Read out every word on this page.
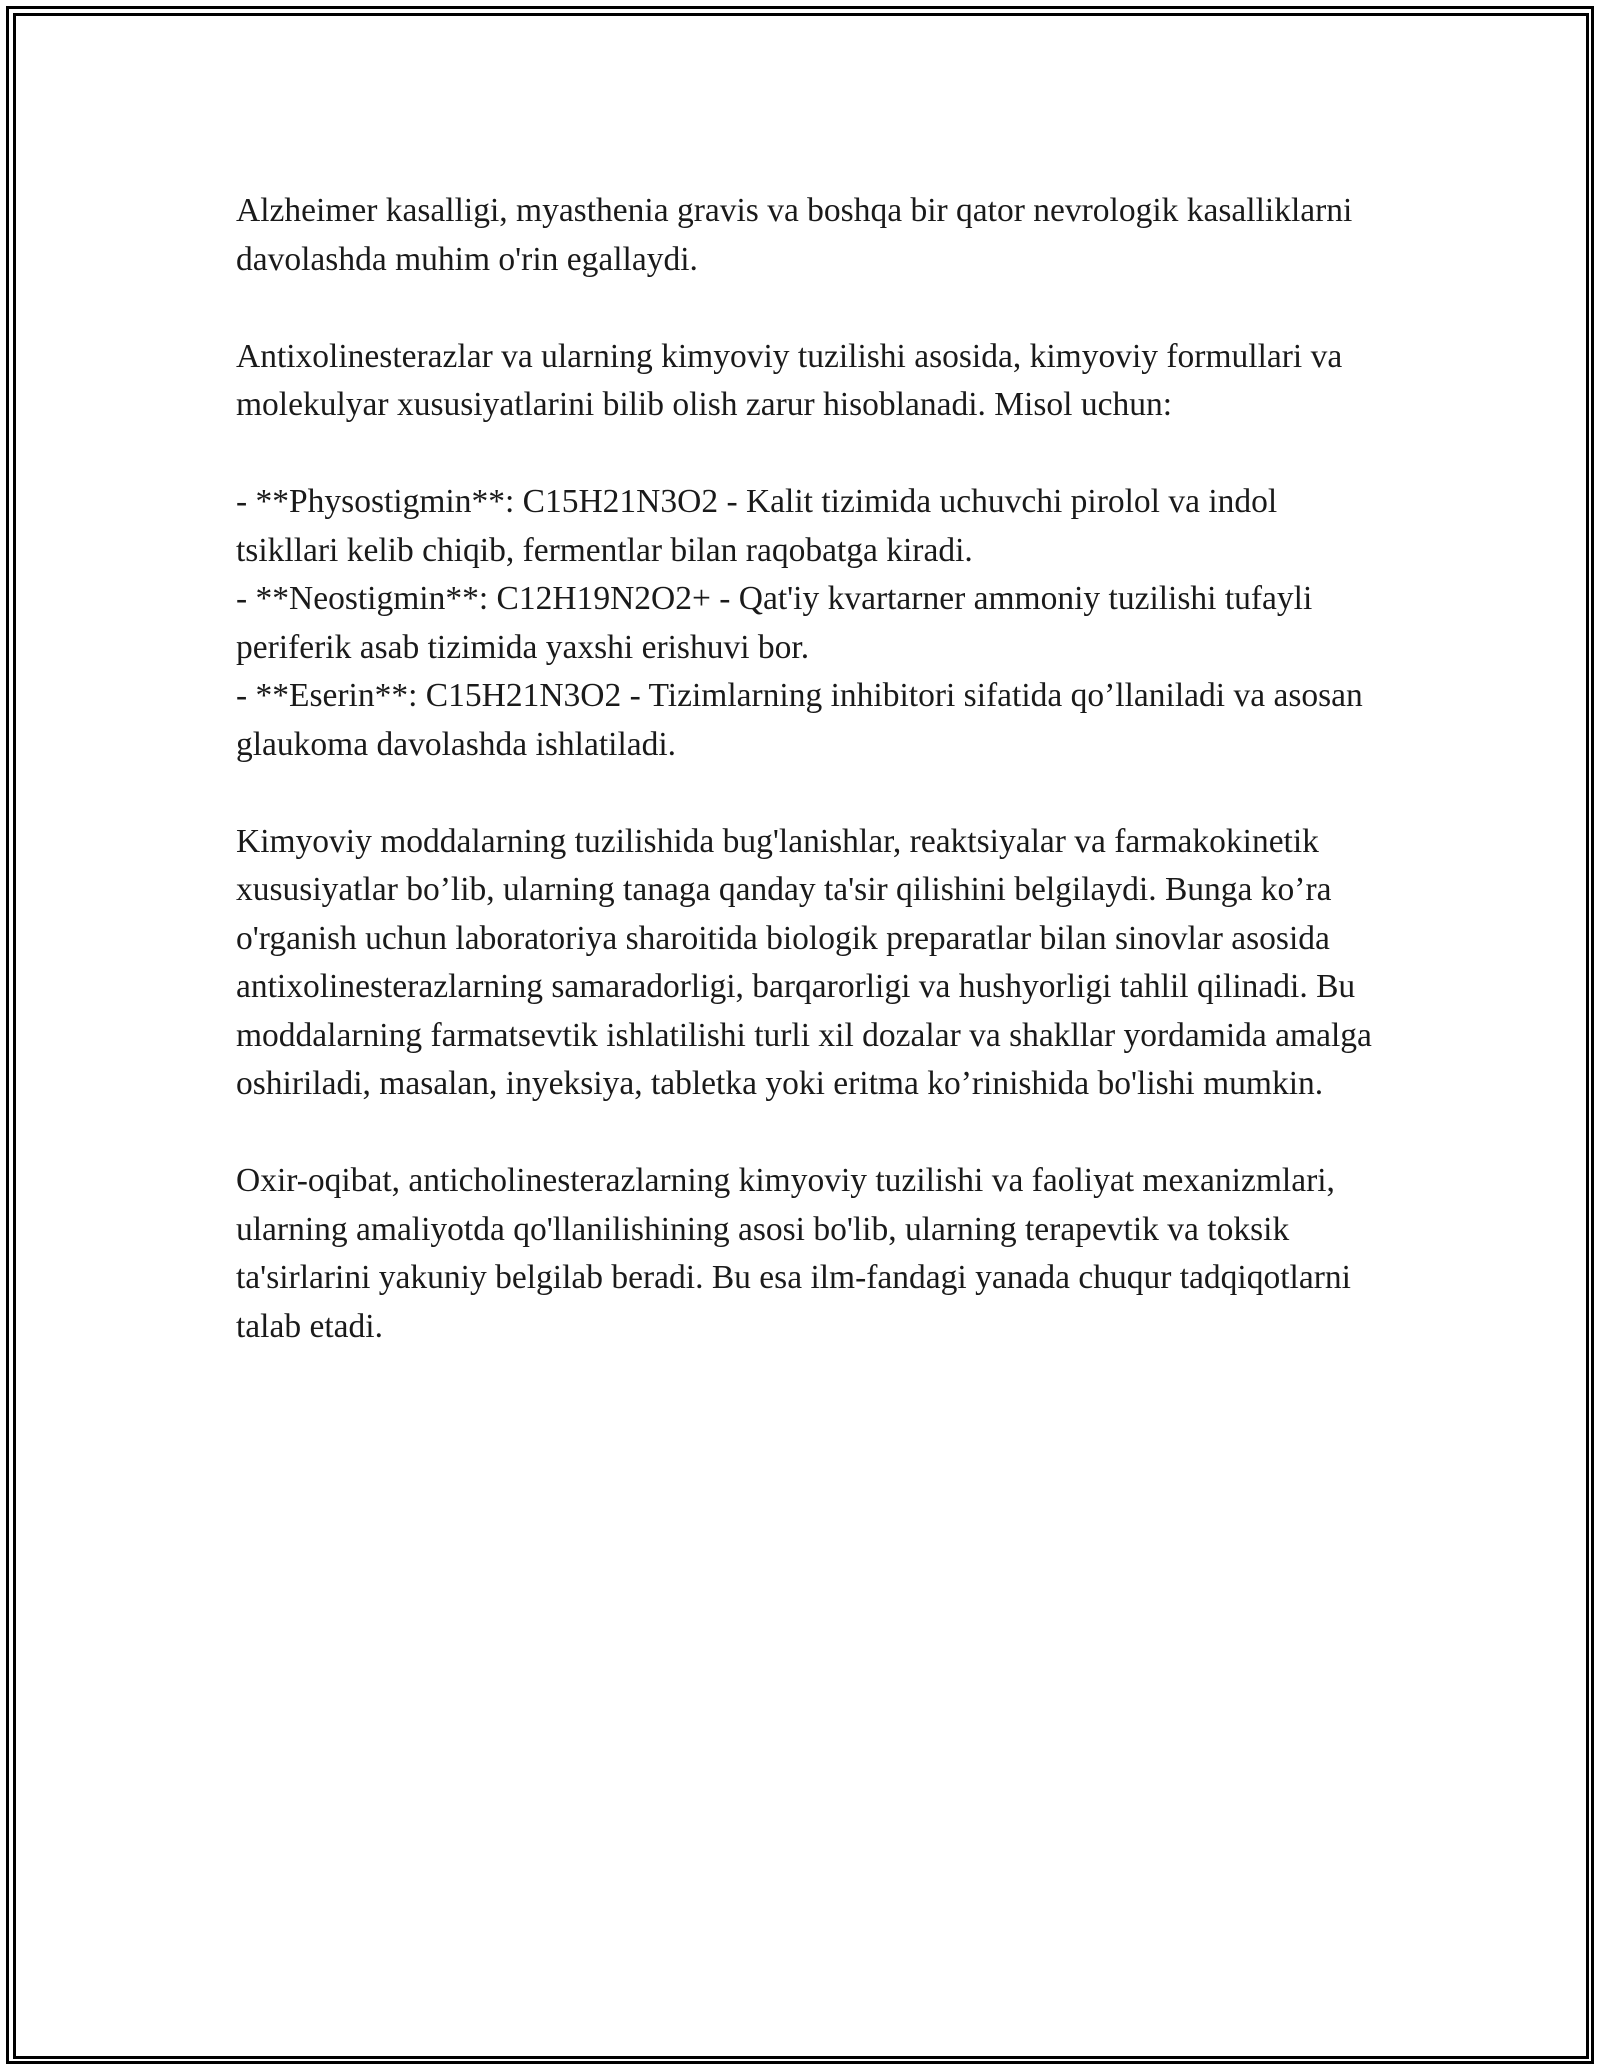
Alzheimer kasalligi, myasthenia gravis va boshqa bir qator nevrologik kasalliklarni davolashda muhim o'rin egallaydi.

Antixolinesterazlar va ularning kimyoviy tuzilishi asosida, kimyoviy formullari va molekulyar xususiyatlarini bilib olish zarur hisoblanadi. Misol uchun:

- **Physostigmin**: C15H21N3O2 - Kalit tizimida uchuvchi pirolol va indol tsikllari kelib chiqib, fermentlar bilan raqobatga kiradi.

- **Neostigmin**: C12H19N2O2+ - Qat'iy kvartarner ammoniy tuzilishi tufayli periferik asab tizimida yaxshi erishuvi bor.

- **Eserin**: C15H21N3O2 - Tizimlarning inhibitori sifatida qo’llaniladi va asosan glaukoma davolashda ishlatiladi.

Kimyoviy moddalarning tuzilishida bug'lanishlar, reaktsiyalar va farmakokinetik xususiyatlar bo’lib, ularning tanaga qanday ta'sir qilishini belgilaydi. Bunga ko’ra o'rganish uchun laboratoriya sharoitida biologik preparatlar bilan sinovlar asosida antixolinesterazlarning samaradorligi, barqarorligi va hushyorligi tahlil qilinadi. Bu moddalarning farmatsevtik ishlatilishi turli xil dozalar va shakllar yordamida amalga oshiriladi, masalan, inyeksiya, tabletka yoki eritma ko’rinishida bo'lishi mumkin.

Oxir-oqibat, anticholinesterazlarning kimyoviy tuzilishi va faoliyat mexanizmlari, ularning amaliyotda qo'llanilishining asosi bo'lib, ularning terapevtik va toksik ta'sirlarini yakuniy belgilab beradi. Bu esa ilm-fandagi yanada chuqur tadqiqotlarni talab etadi.
